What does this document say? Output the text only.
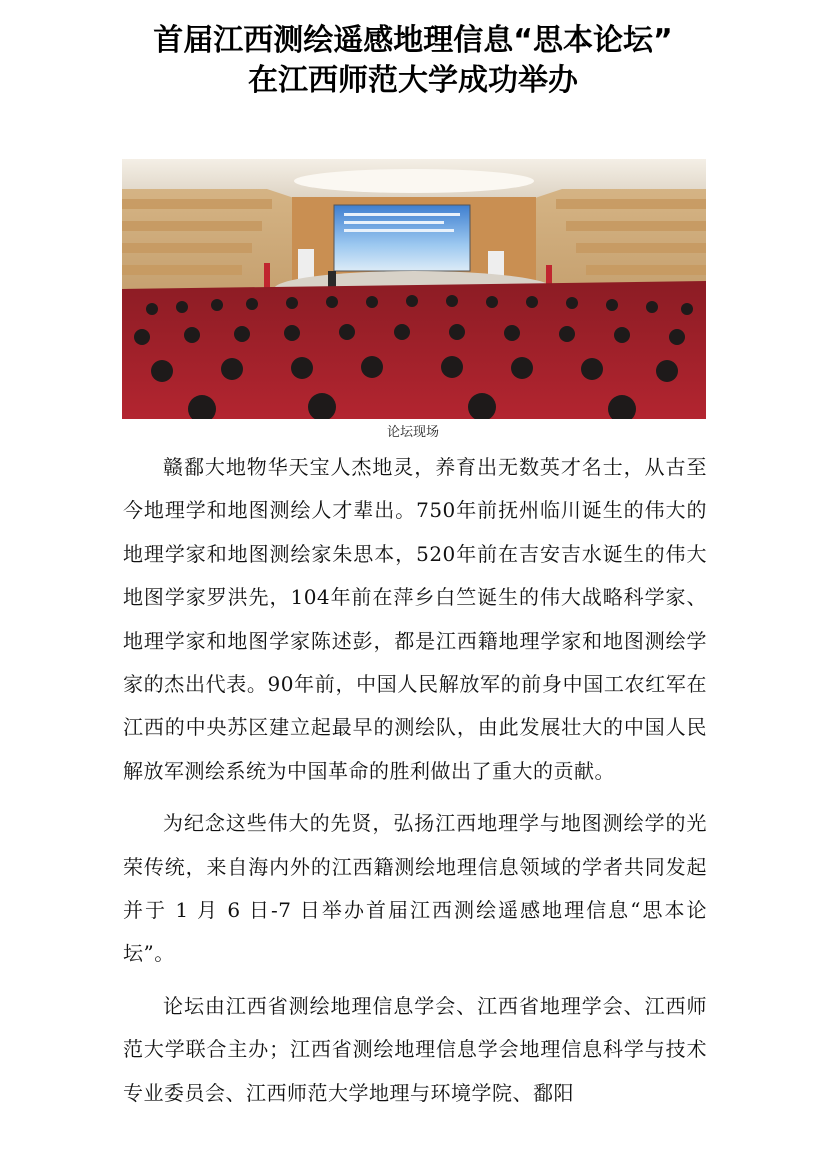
首届江西测绘遥感地理信息“思本论坛”
在江西师范大学成功举办
论坛现场

赣鄱大地物华天宝人杰地灵，养育出无数英才名士，从古至今地理学和地图测绘人才辈出。750年前抚州临川诞生的伟大的地理学家和地图测绘家朱思本，520年前在吉安吉水诞生的伟大地图学家罗洪先，104年前在萍乡白竺诞生的伟大战略科学家、地理学家和地图学家陈述彭，都是江西籍地理学家和地图测绘学家的杰出代表。90年前，中国人民解放军的前身中国工农红军在江西的中央苏区建立起最早的测绘队，由此发展壮大的中国人民解放军测绘系统为中国革命的胜利做出了重大的贡献。

为纪念这些伟大的先贤，弘扬江西地理学与地图测绘学的光荣传统，来自海内外的江西籍测绘地理信息领域的学者共同发起并于 1 月 6 日-7 日举办首届江西测绘遥感地理信息“思本论坛”。

论坛由江西省测绘地理信息学会、江西省地理学会、江西师范大学联合主办；江西省测绘地理信息学会地理信息科学与技术专业委员会、江西师范大学地理与环境学院、鄱阳
